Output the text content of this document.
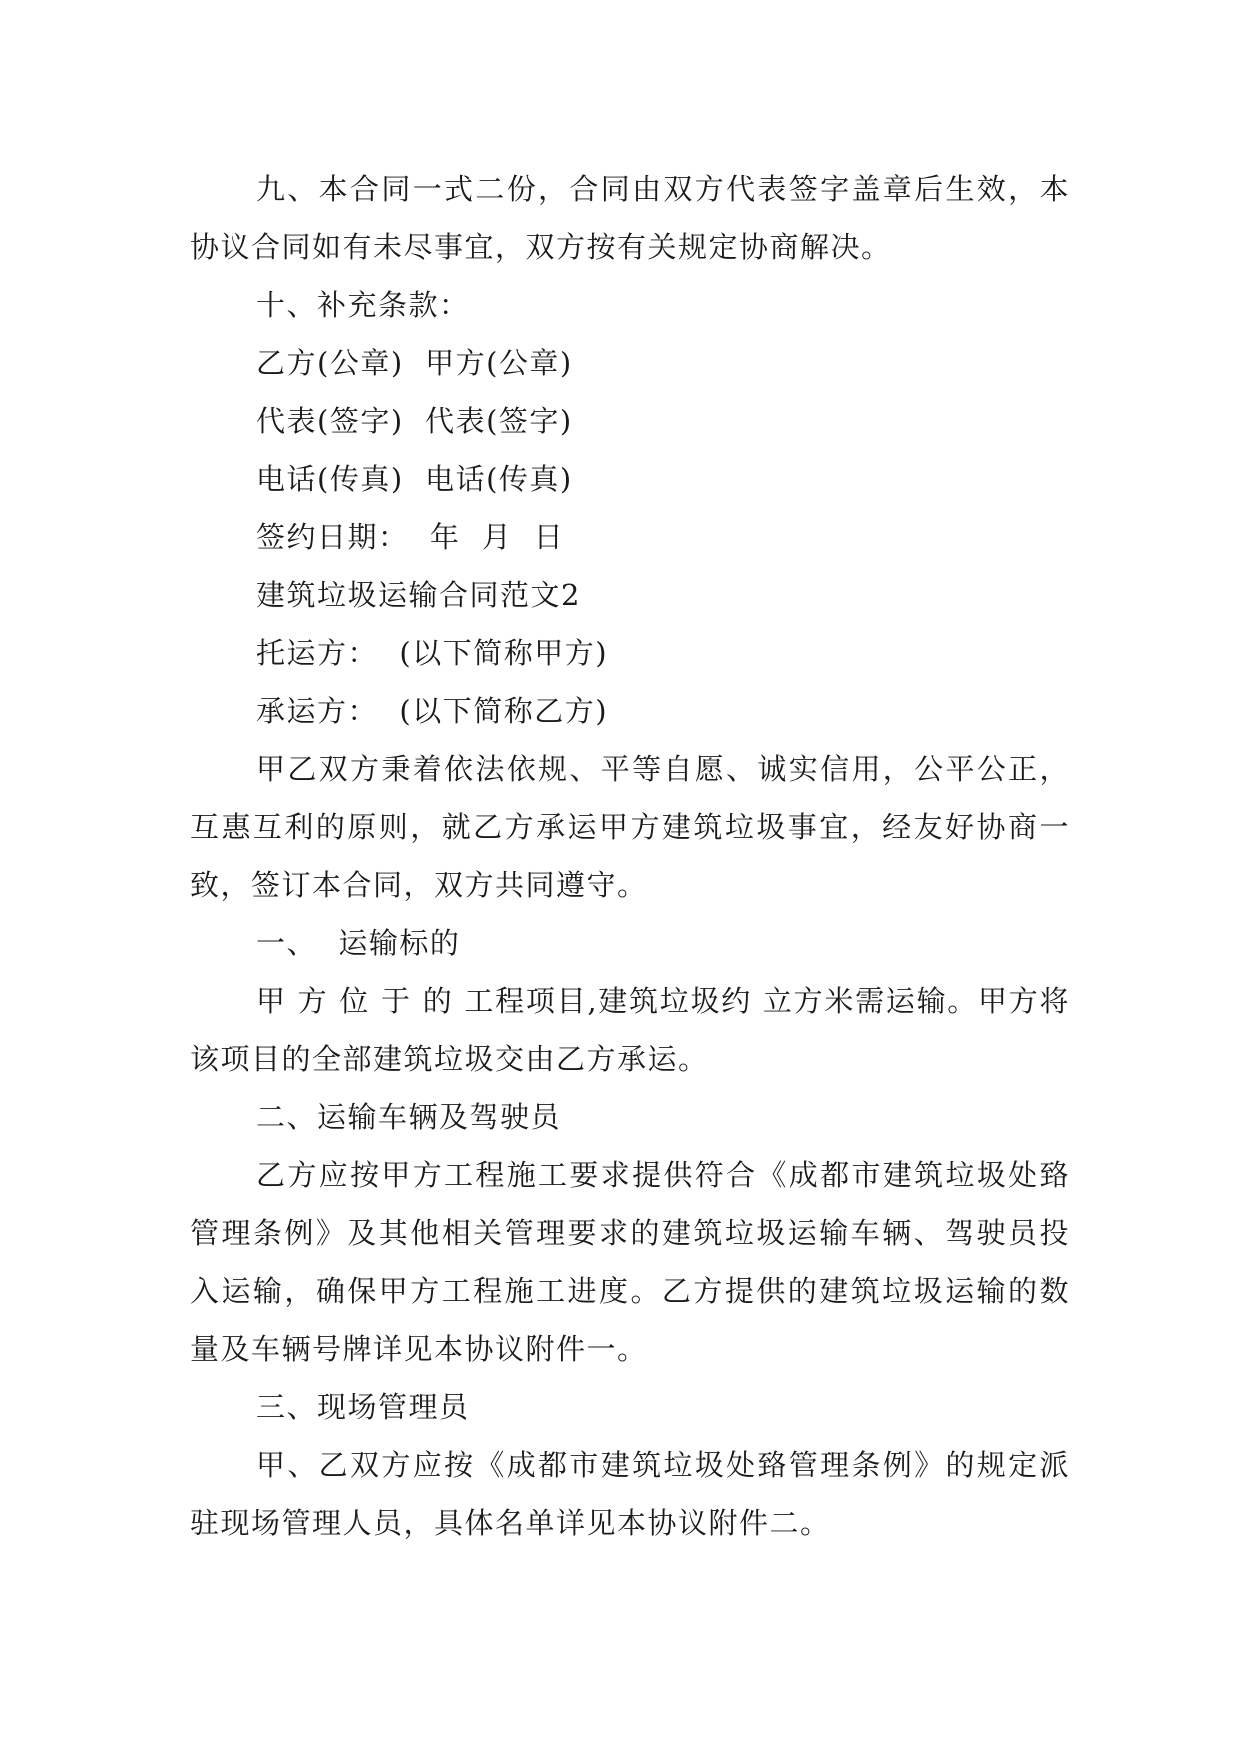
九、本合同一式二份，合同由双方代表签字盖章后生效，本协议合同如有未尽事宜，双方按有关规定协商解决。

十、补充条款：

乙方(公章)  甲方(公章)

代表(签字)  代表(签字)

电话(传真)  电话(传真)

签约日期：  年  月  日

建筑垃圾运输合同范文2

托运方：  (以下简称甲方)

承运方：  (以下简称乙方)

甲乙双方秉着依法依规、平等自愿、诚实信用，公平公正，互惠互利的原则，就乙方承运甲方建筑垃圾事宜，经友好协商一致，签订本合同，双方共同遵守。

一、  运输标的

甲 方 位 于 的 工程项目,建筑垃圾约 立方米需运输。甲方将该项目的全部建筑垃圾交由乙方承运。

二、运输车辆及驾驶员

乙方应按甲方工程施工要求提供符合《成都市建筑垃圾处臵管理条例》及其他相关管理要求的建筑垃圾运输车辆、驾驶员投入运输，确保甲方工程施工进度。乙方提供的建筑垃圾运输的数量及车辆号牌详见本协议附件一。

三、现场管理员

甲、乙双方应按《成都市建筑垃圾处臵管理条例》的规定派驻现场管理人员，具体名单详见本协议附件二。
